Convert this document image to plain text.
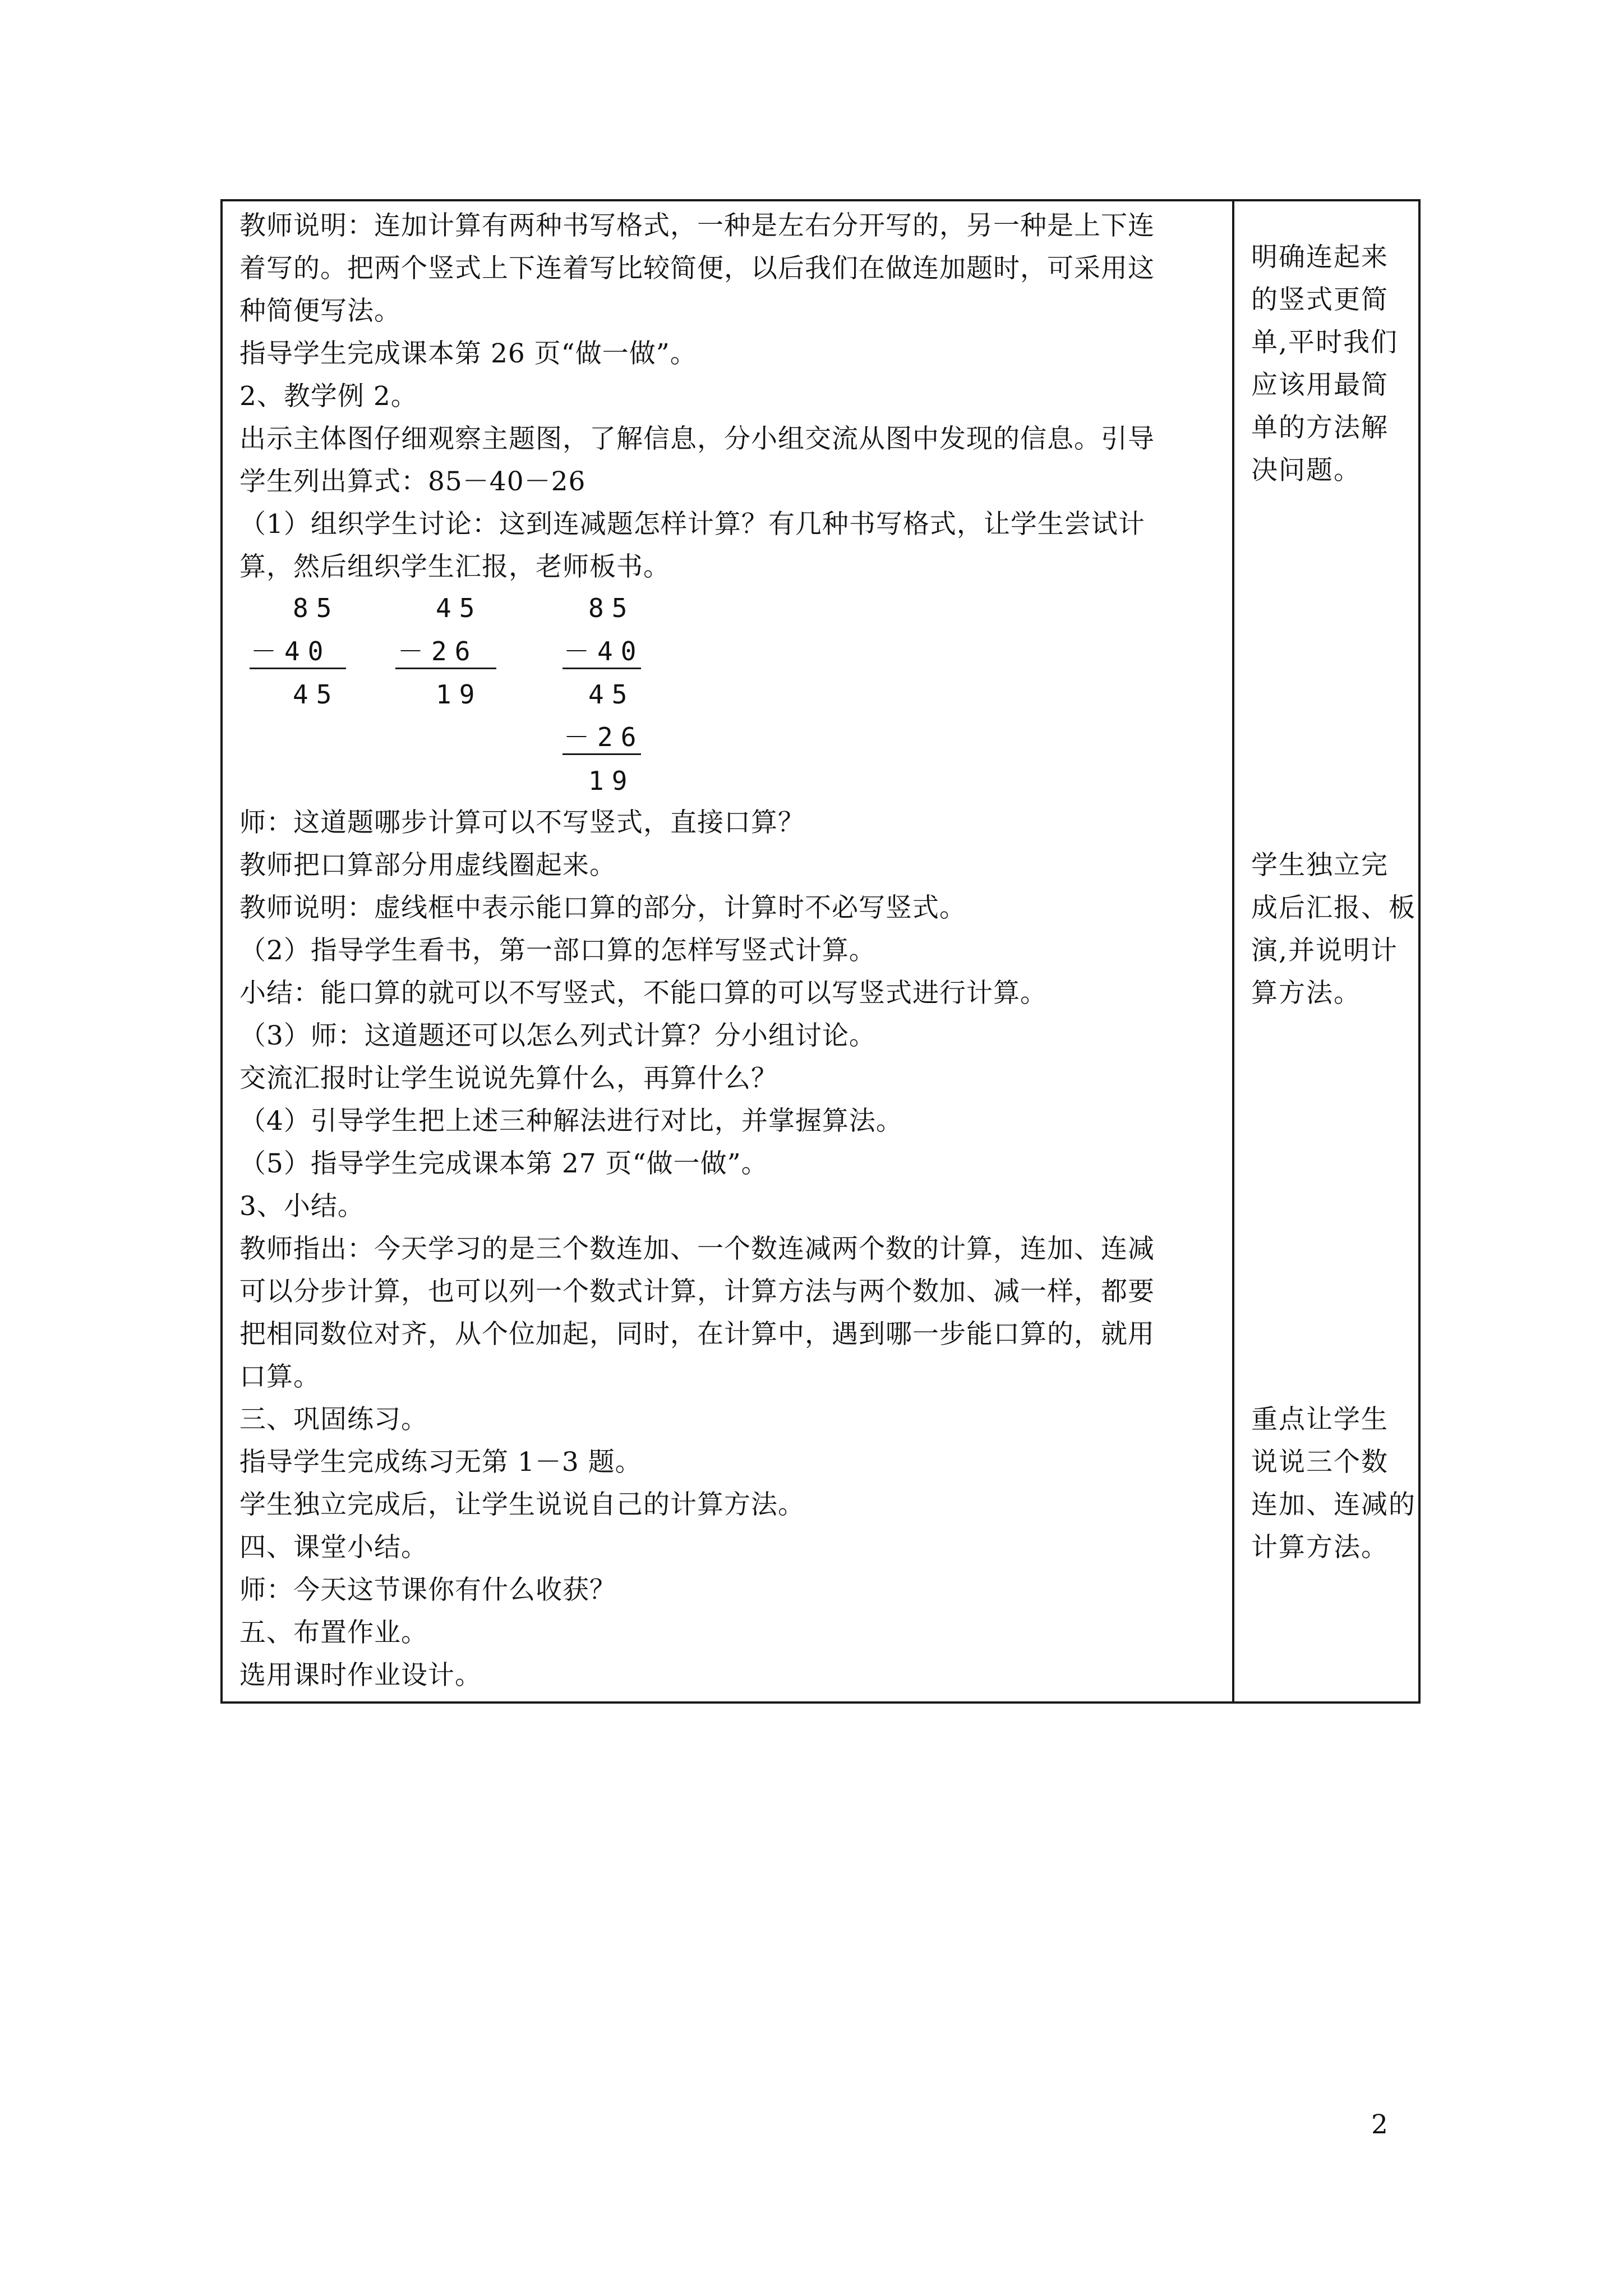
教师说明：连加计算有两种书写格式，一种是左右分开写的，另一种是上下连
着写的。把两个竖式上下连着写比较简便，以后我们在做连加题时，可采用这
种简便写法。
指导学生完成课本第 26 页“做一做”。
2、教学例 2。
出示主体图仔细观察主题图，了解信息，分小组交流从图中发现的信息。引导
学生列出算式：85－40－26
（1）组织学生讨论：这到连减题怎样计算？有几种书写格式，让学生尝试计
算，然后组织学生汇报，老师板书。
85
－40
45
45
－26
19
85
－40
45
－26
19
师：这道题哪步计算可以不写竖式，直接口算？
教师把口算部分用虚线圈起来。
教师说明：虚线框中表示能口算的部分，计算时不必写竖式。
（2）指导学生看书，第一部口算的怎样写竖式计算。
小结：能口算的就可以不写竖式，不能口算的可以写竖式进行计算。
（3）师：这道题还可以怎么列式计算？分小组讨论。
交流汇报时让学生说说先算什么，再算什么？
（4）引导学生把上述三种解法进行对比，并掌握算法。
（5）指导学生完成课本第 27 页“做一做”。
3、小结。
教师指出：今天学习的是三个数连加、一个数连减两个数的计算，连加、连减
可以分步计算，也可以列一个数式计算，计算方法与两个数加、减一样，都要
把相同数位对齐，从个位加起，同时，在计算中，遇到哪一步能口算的，就用
口算。
三、巩固练习。
指导学生完成练习无第 1－3 题。
学生独立完成后，让学生说说自己的计算方法。
四、课堂小结。
师：今天这节课你有什么收获？
五、布置作业。
选用课时作业设计。
明确连起来
的竖式更简
单,平时我们
应该用最简
单的方法解
决问题。
学生独立完
成后汇报、板
演,并说明计
算方法。
重点让学生
说说三个数
连加、连减的
计算方法。
2
